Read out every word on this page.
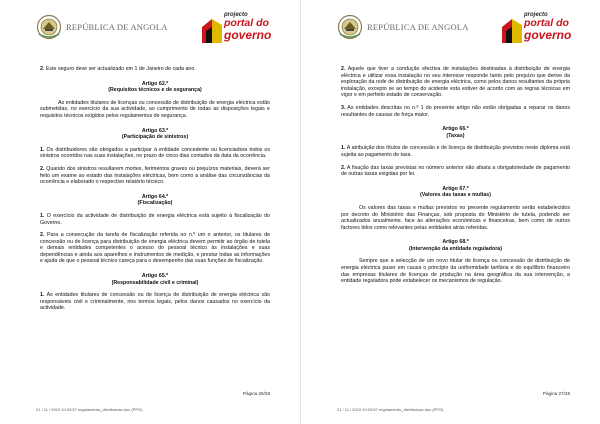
REPÚBLICA DE ANGOLA
projecto
portal do
governo
2. Este seguro deve ser actualizado em 1 de Janeiro de cada ano.
Artigo 62.º
(Requisitos técnicos e de segurança)
As entidades titulares de licenças ou concessão de distribuição de energia eléctrica estão submetidas, no exercício da sua actividade, ao cumprimento de todas as disposições legais e requisitos técnicos exigidos pelos regulamentos de segurança.
Artigo 63.º
(Participação de sinistros)
1. Os distribuidores são obrigados a participar à entidade concedente ou licenciadora todos os sinistros ocorridos nas suas instalações, no prazo de cinco dias contados da data da ocorrência.
2. Quando dos sinistros resultarem mortes, ferimentos graves ou prejuízos materiais, deverá ser feito um exame ao estado das instalações eléctricas, bem como a análise das circunstâncias da ocorrência e elaborado o respectivo relatório técnico.
Artigo 64.º
(Fiscalização)
1. O exercício da actividade de distribuição de energia eléctrica está sujeito à fiscalização do Governo.
2. Para a consecução da tarefa de fiscalização referida no n.º um o anterior, os titulares de concessão ou de licença para distribuição de energia eléctrica devem permitir ao órgão de tutela e demais entidades competentes o acesso do pessoal técnico às instalações e suas dependências e ainda aos aparelhos e instrumentos de medição, e prestar todas as informações e ajuda de que o pessoal técnico careça para o desempenho das suas funções de fiscalização.
Artigo 65.º
(Responsabilidade civil e criminal)
1. As entidades titulares de concessão ou de licença de distribuição de energia eléctrica são responsáveis civil e criminalmente, nos termos legais, pelos danos causados no exercício da actividade.
Página 26/28
21 / 11 / 2010 10:03:57 regulamento_distribuicao.doc (PPG)
REPÚBLICA DE ANGOLA
projecto
portal do
governo
2. Aquele que tiver a condução efectiva de instalações destinadas à distribuição de energia eléctrica e utilizar essa instalação no seu interesse responde tanto pelo prejuízo que derive da exploração da rede de distribuição de energia eléctrica, como pelos danos resultantes da própria instalação, excepto se ao tempo do acidente esta estiver de acordo com as regras técnicas em vigor e em perfeito estado de conservação.
3. As entidades descritas no n.º 1 do presente artigo não estão obrigadas a reparar os danos resultantes de causas de força maior.
Artigo 66.º
(Taxas)
1. A atribuição dos títulos de concessão e de licença de distribuição previstos neste diploma está sujeita ao pagamento de taxa.
2. A fixação das taxas previstas no número anterior não afasta a obrigatoriedade de pagamento de outras taxas exigidas por lei.
Artigo 67.º
(Valores das taxas e multas)
Os valores das taxas e multas previstos no presente regulamento serão estabelecidos por decreto do Ministério das Finanças, sob proposta do Ministério de tutela, podendo ser actualizados anualmente, face às alterações económicas e financeiras, bem como de outros factores tidos como relevantes pelas entidades atrás referidas.
Artigo 68.º
(Intervenção da entidade reguladora)
Sempre que a selecção de um novo titular de licença ou concessão de distribuição de energia eléctrica puser em causa o princípio da uniformidade tarifária e do equilíbrio financeiro das empresas titulares de licenças de produção na área geográfica da sua intervenção, a entidade reguladora pode estabelecer os mecanismos de regulação.
Página 27/28
21 / 11 / 2010 10:03:57 regulamento_distribuicao.doc (PPG)
